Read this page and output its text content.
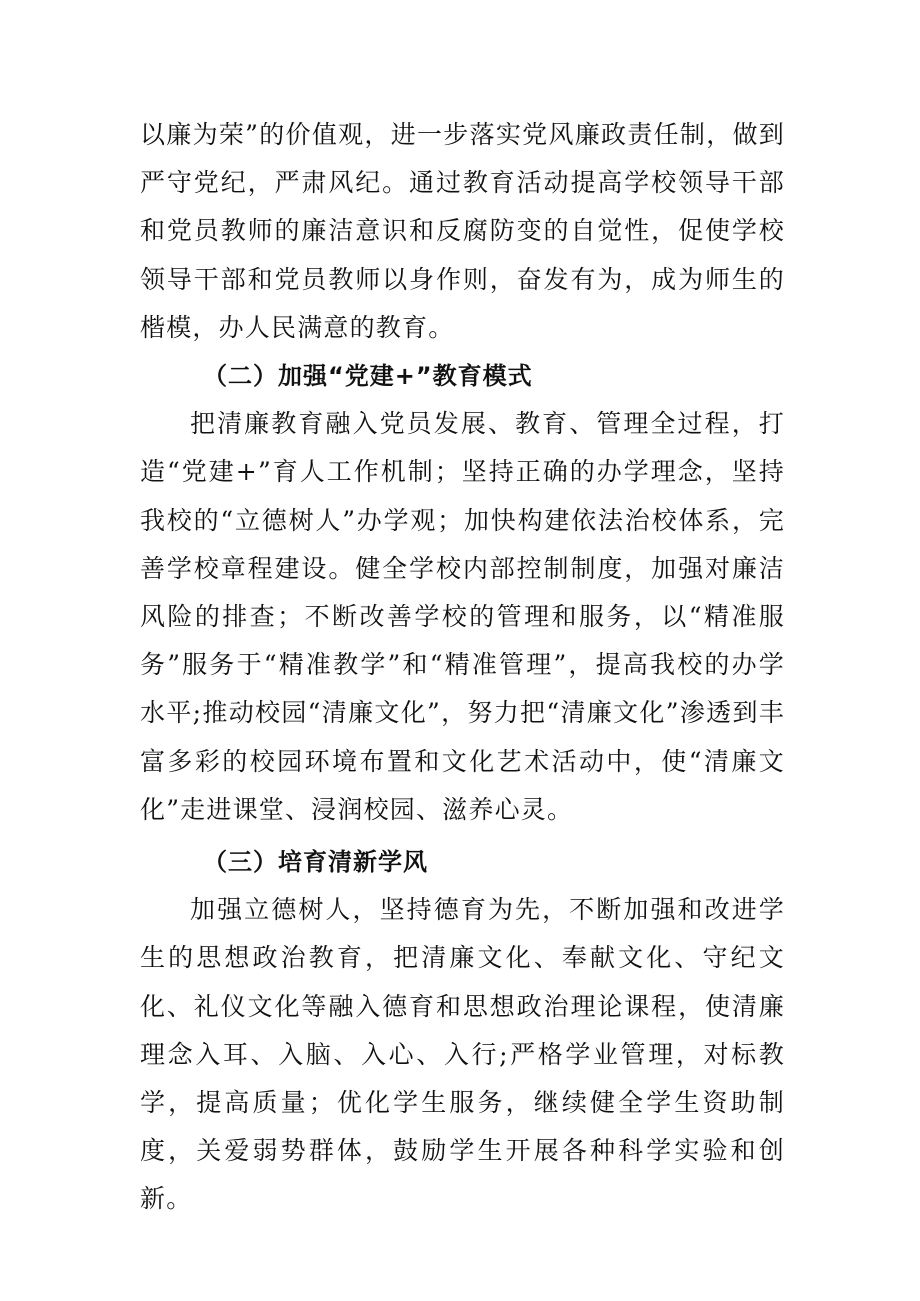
以廉为荣”的价值观，进一步落实党风廉政责任制，做到严守党纪，严肃风纪。通过教育活动提高学校领导干部和党员教师的廉洁意识和反腐防变的自觉性，促使学校领导干部和党员教师以身作则，奋发有为，成为师生的楷模，办人民满意的教育。

（二）加强“党建+”教育模式

把清廉教育融入党员发展、教育、管理全过程，打造“党建+”育人工作机制；坚持正确的办学理念，坚持我校的“立德树人”办学观；加快构建依法治校体系，完善学校章程建设。健全学校内部控制制度，加强对廉洁风险的排查；不断改善学校的管理和服务，以“精准服务”服务于“精准教学”和“精准管理”，提高我校的办学水平;推动校园“清廉文化”，努力把“清廉文化”渗透到丰富多彩的校园环境布置和文化艺术活动中，使“清廉文化”走进课堂、浸润校园、滋养心灵。

（三）培育清新学风

加强立德树人，坚持德育为先，不断加强和改进学生的思想政治教育，把清廉文化、奉献文化、守纪文化、礼仪文化等融入德育和思想政治理论课程，使清廉理念入耳、入脑、入心、入行;严格学业管理，对标教学，提高质量；优化学生服务，继续健全学生资助制度，关爱弱势群体，鼓励学生开展各种科学实验和创新。
